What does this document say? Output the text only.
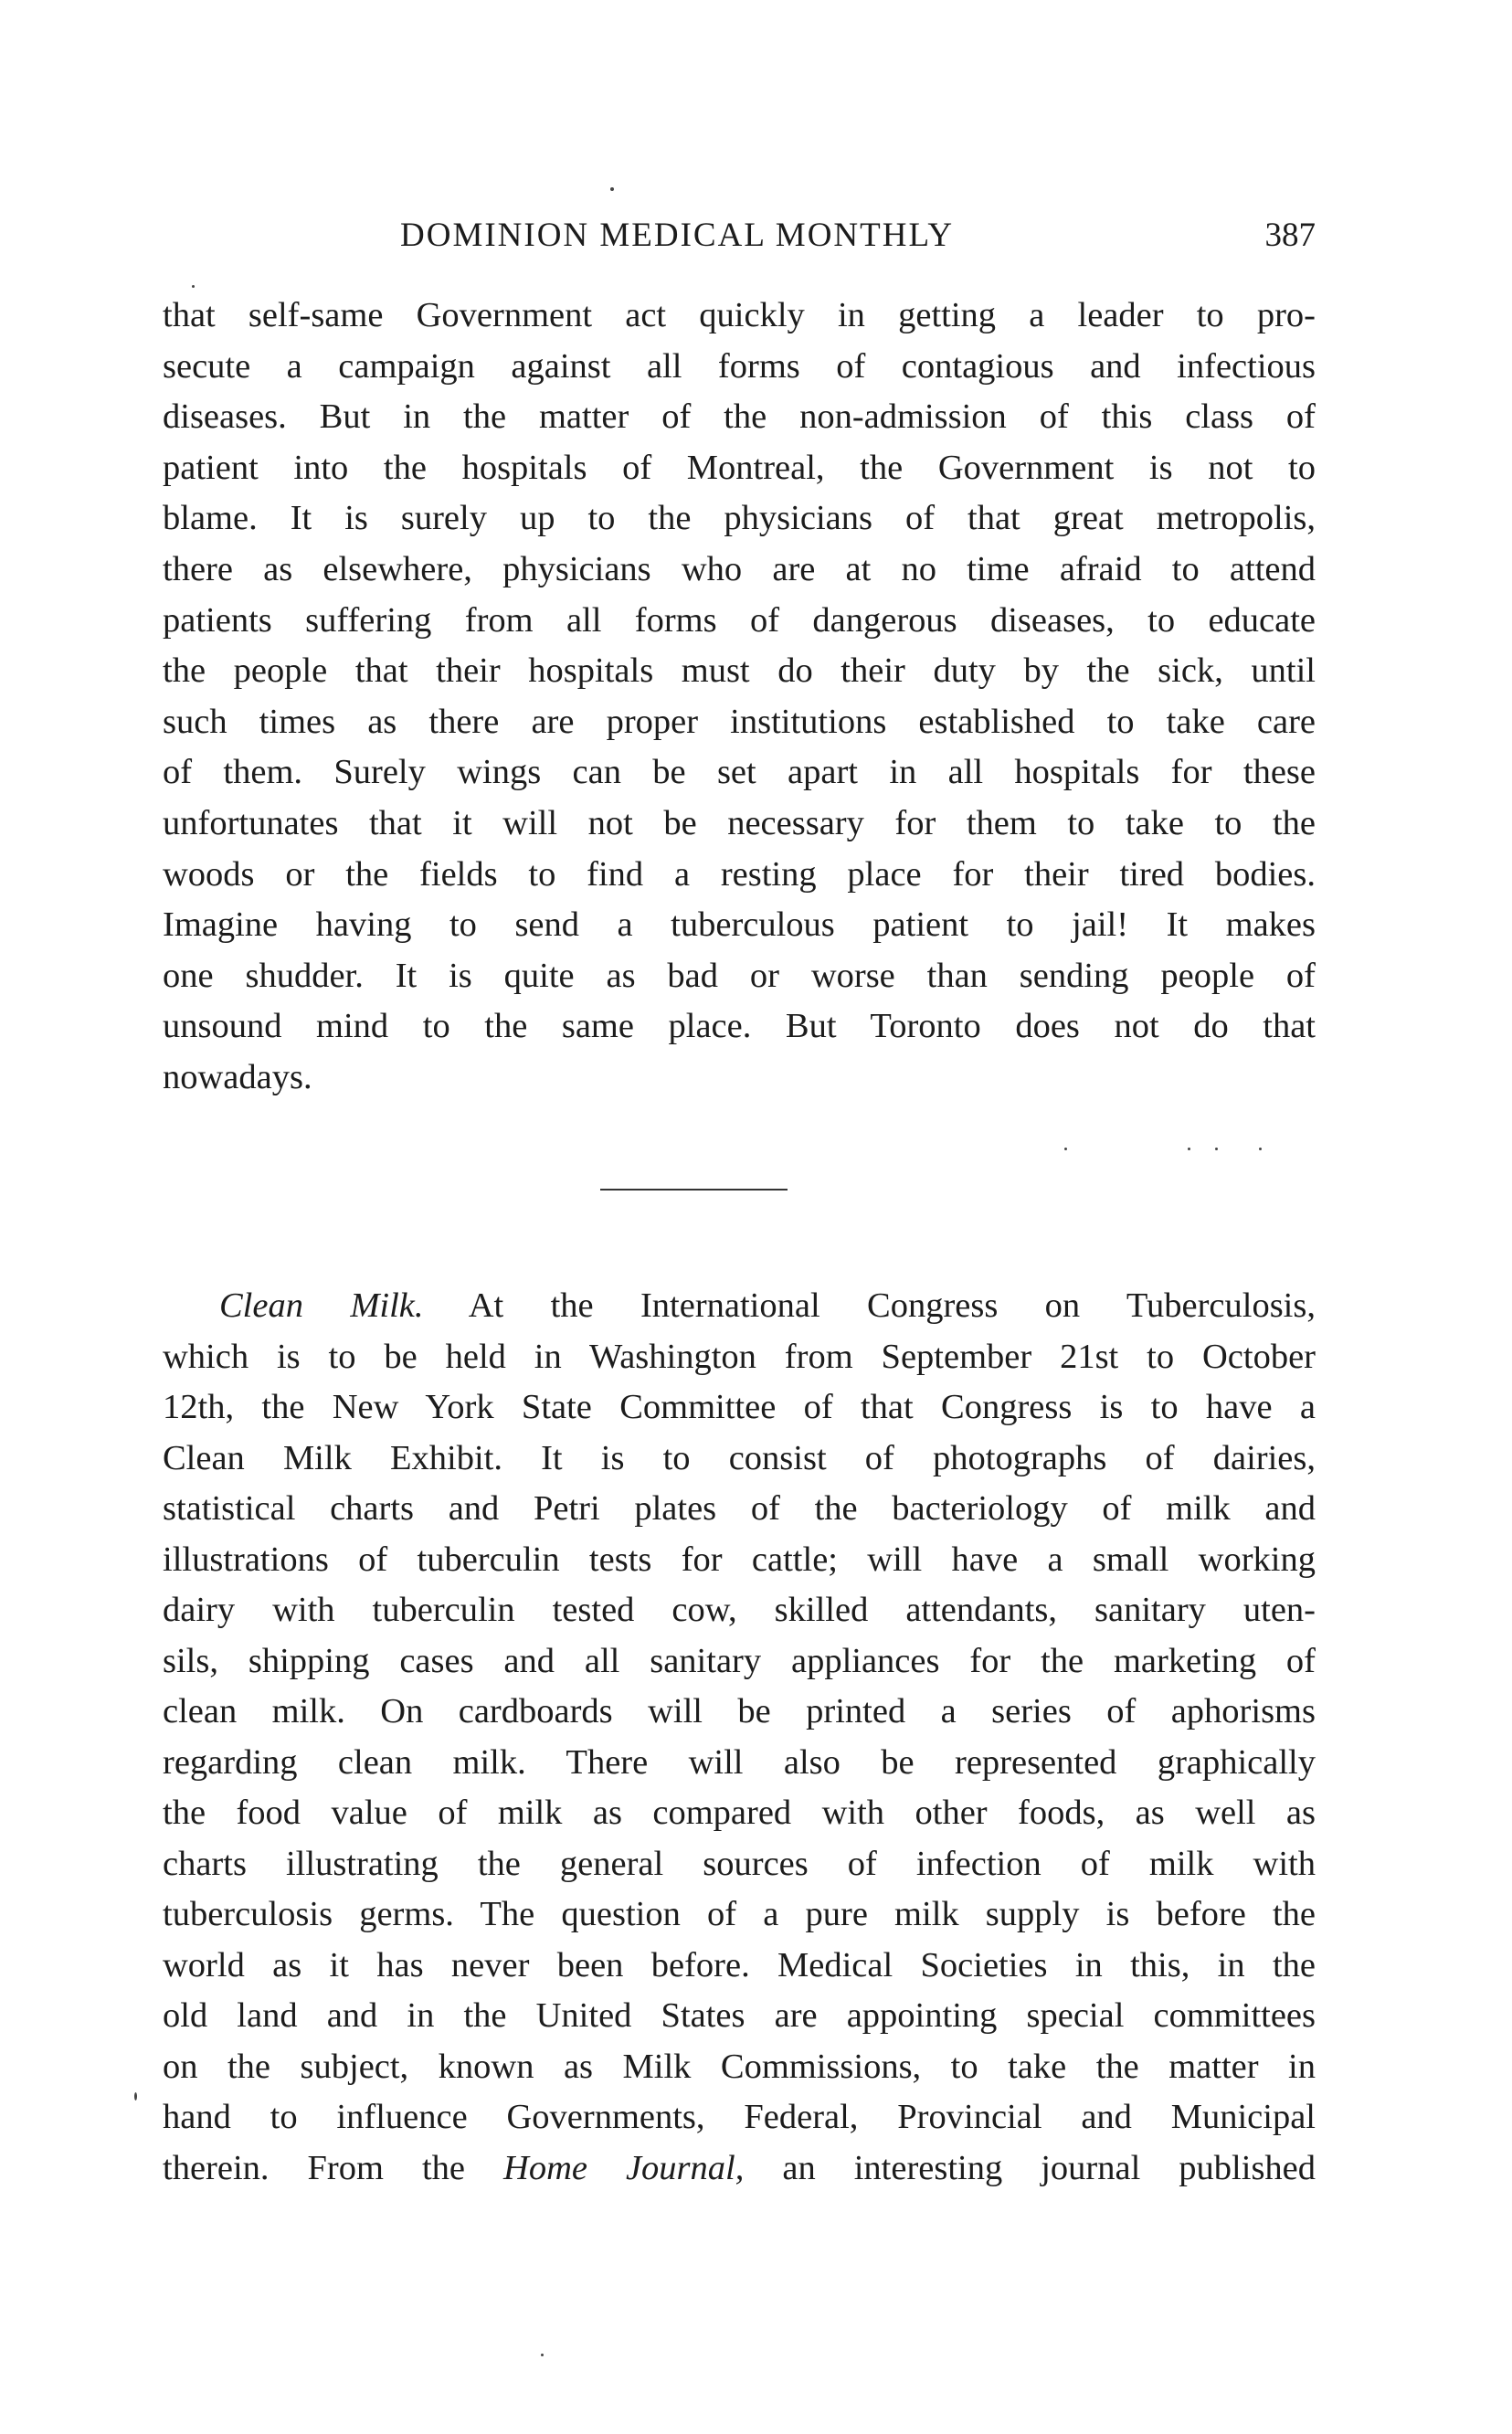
DOMINION MEDICAL MONTHLY	387
that self-same Government act quickly in getting a leader to pro-
secute a campaign against all forms of contagious and infectious
diseases. But in the matter of the non-admission of this class of
patient into the hospitals of Montreal, the Government is not to
blame. It is surely up to the physicians of that great metropolis,
there as elsewhere, physicians who are at no time afraid to attend
patients suffering from all forms of dangerous diseases, to educate
the people that their hospitals must do their duty by the sick, until
such times as there are proper institutions established to take care
of them. Surely wings can be set apart in all hospitals for these
unfortunates that it will not be necessary for them to take to the
woods or the fields to find a resting place for their tired bodies.
Imagine having to send a tuberculous patient to jail! It makes
one shudder. It is quite as bad or worse than sending people of
unsound mind to the same place. But Toronto does not do that
nowadays.
Clean Milk. At the International Congress on Tuberculosis,
which is to be held in Washington from September 21st to October
12th, the New York State Committee of that Congress is to have a
Clean Milk Exhibit. It is to consist of photographs of dairies,
statistical charts and Petri plates of the bacteriology of milk and
illustrations of tuberculin tests for cattle; will have a small working
dairy with tuberculin tested cow, skilled attendants, sanitary uten-
sils, shipping cases and all sanitary appliances for the marketing of
clean milk. On cardboards will be printed a series of aphorisms
regarding clean milk. There will also be represented graphically
the food value of milk as compared with other foods, as well as
charts illustrating the general sources of infection of milk with
tuberculosis germs. The question of a pure milk supply is before the
world as it has never been before. Medical Societies in this, in the
old land and in the United States are appointing special committees
on the subject, known as Milk Commissions, to take the matter in
hand to influence Governments, Federal, Provincial and Municipal
therein. From the Home Journal, an interesting journal published
